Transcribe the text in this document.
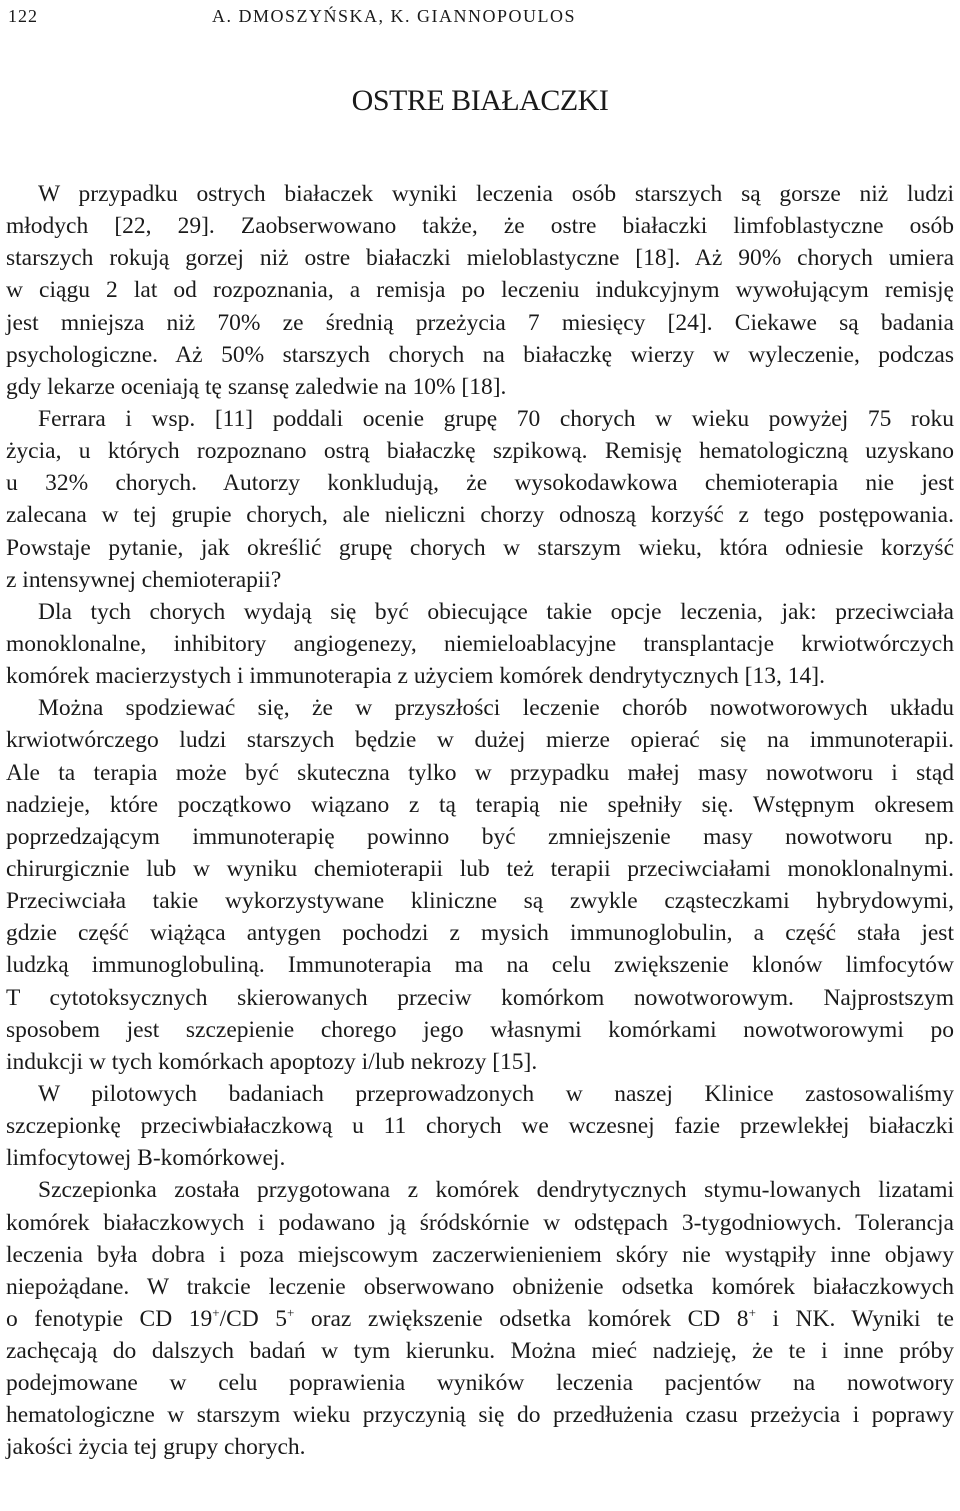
122	A. DMOSZYŃSKA, K. GIANNOPOULOS
OSTRE BIAŁACZKI
W przypadku ostrych białaczek wyniki leczenia osób starszych są gorsze niż ludzi
młodych [22, 29]. Zaobserwowano także, że ostre białaczki limfoblastyczne osób
starszych rokują gorzej niż ostre białaczki mieloblastyczne [18]. Aż 90% chorych umiera
w ciągu 2 lat od rozpoznania, a remisja po leczeniu indukcyjnym wywołującym remisję
jest mniejsza niż 70% ze średnią przeżycia 7 miesięcy [24]. Ciekawe są badania
psychologiczne. Aż 50% starszych chorych na białaczkę wierzy w wyleczenie, podczas
gdy lekarze oceniają tę szansę zaledwie na 10% [18].
Ferrara i wsp. [11] poddali ocenie grupę 70 chorych w wieku powyżej 75 roku
życia, u których rozpoznano ostrą białaczkę szpikową. Remisję hematologiczną uzyskano
u 32% chorych. Autorzy konkludują, że wysokodawkowa chemioterapia nie jest
zalecana w tej grupie chorych, ale nieliczni chorzy odnoszą korzyść z tego postępowania.
Powstaje pytanie, jak określić grupę chorych w starszym wieku, która odniesie korzyść
z intensywnej chemioterapii?
Dla tych chorych wydają się być obiecujące takie opcje leczenia, jak: przeciwciała
monoklonalne, inhibitory angiogenezy, niemieloablacyjne transplantacje krwiotwórczych
komórek macierzystych i immunoterapia z użyciem komórek dendrytycznych [13, 14].
Można spodziewać się, że w przyszłości leczenie chorób nowotworowych układu
krwiotwórczego ludzi starszych będzie w dużej mierze opierać się na immunoterapii.
Ale ta terapia może być skuteczna tylko w przypadku małej masy nowotworu i stąd
nadzieje, które początkowo wiązano z tą terapią nie spełniły się. Wstępnym okresem
poprzedzającym immunoterapię powinno być zmniejszenie masy nowotworu np.
chirurgicznie lub w wyniku chemioterapii lub też terapii przeciwciałami monoklonalnymi.
Przeciwciała takie wykorzystywane kliniczne są zwykle cząsteczkami hybrydowymi,
gdzie część wiążąca antygen pochodzi z mysich immunoglobulin, a część stała jest
ludzką immunoglobuliną. Immunoterapia ma na celu zwiększenie klonów limfocytów
T cytotoksycznych skierowanych przeciw komórkom nowotworowym. Najprostszym
sposobem jest szczepienie chorego jego własnymi komórkami nowotworowymi po
indukcji w tych komórkach apoptozy i/lub nekrozy [15].
W pilotowych badaniach przeprowadzonych w naszej Klinice zastosowaliśmy
szczepionkę przeciwbiałaczkową u 11 chorych we wczesnej fazie przewlekłej białaczki
limfocytowej B-komórkowej.
Szczepionka została przygotowana z komórek dendrytycznych stymu-lowanych lizatami
komórek białaczkowych i podawano ją śródskórnie w odstępach 3-tygodniowych. Tolerancja
leczenia była dobra i poza miejscowym zaczerwienieniem skóry nie wystąpiły inne objawy
niepożądane. W trakcie leczenie obserwowano obniżenie odsetka komórek białaczkowych
o fenotypie CD 19+/CD 5+ oraz zwiększenie odsetka komórek CD 8+ i NK. Wyniki te
zachęcają do dalszych badań w tym kierunku. Można mieć nadzieję, że te i inne próby
podejmowane w celu poprawienia wyników leczenia pacjentów na nowotwory
hematologiczne w starszym wieku przyczynią się do przedłużenia czasu przeżycia i poprawy
jakości życia tej grupy chorych.
